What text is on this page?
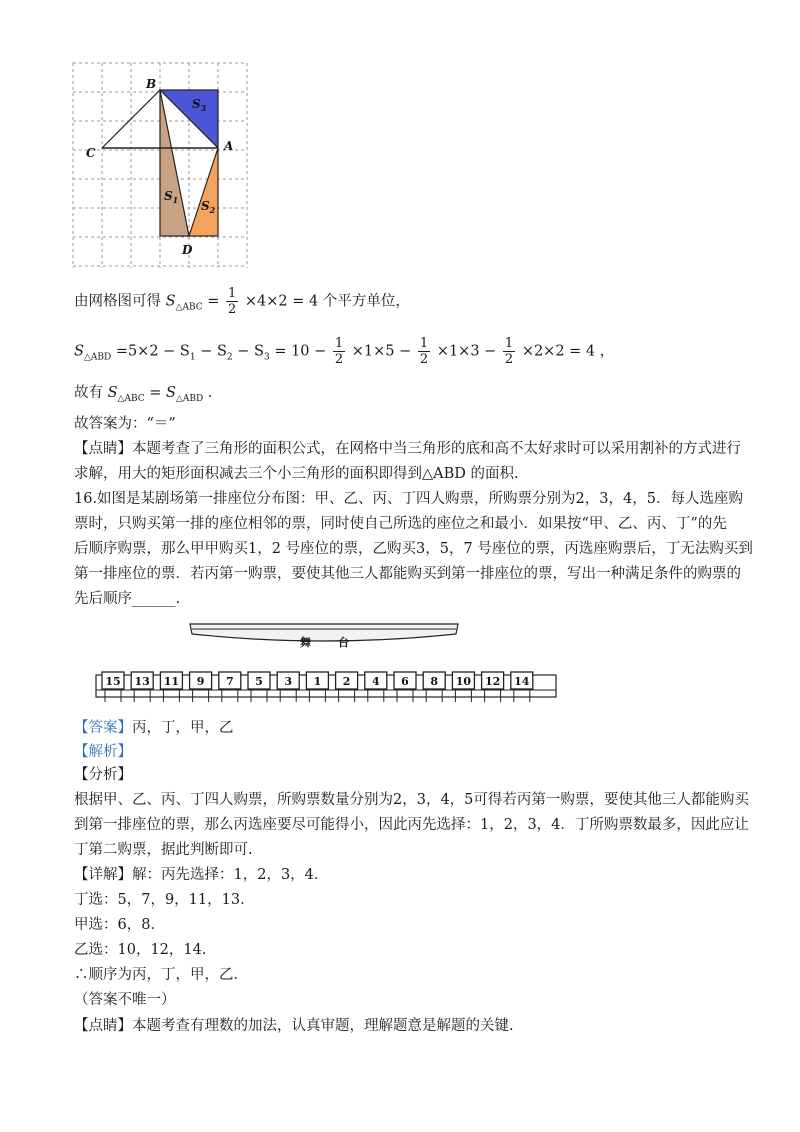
B
A
C
D
$S_3$
$S_1$ $S_2$
由网格图可得 $S_{\triangle ABC} = \frac{1}{2} \times 4\times 2 = 4$ 个平方单位，
$S_{\triangle ABD} =5\times 2 - S_1 - S_2 - S_3 = 10 - \frac{1}{2} \times 1\times 5 - \frac{1}{2} \times 1\times 3 - \frac{1}{2} \times 2\times 2 = 4$ ，
故有 $S_{\triangle ABC} = S_{\triangle ABD}$ ．
故答案为：“＝”
【点睛】本题考查了三角形的面积公式，在网格中当三角形的底和高不太好求时可以采用割补的方式进行
求解，用大的矩形面积减去三个小三角形的面积即得到△ABD 的面积.
16.如图是某剧场第一排座位分布图：甲、乙、丙、丁四人购票，所购票分别为2，3，4，5．每人选座购
票时，只购买第一排的座位相邻的票，同时使自己所选的座位之和最小．如果按“甲、乙、丙、丁”的先
后顺序购票，那么甲甲购买1，2 号座位的票，乙购买3，5，7 号座位的票，丙选座购票后，丁无法购买到
第一排座位的票．若丙第一购票，要使其他三人都能购买到第一排座位的票，写出一种满足条件的购票的
先后顺序______.
舞 台
15 13 11 9 7 5 3 1 2 4 6 8 10 12 14
【答案】丙，丁，甲，乙
【解析】
【分析】
根据甲、乙、丙、丁四人购票，所购票数量分别为2，3，4，5可得若丙第一购票，要使其他三人都能购买
到第一排座位的票，那么丙选座要尽可能得小，因此丙先选择：1，2，3，4．丁所购票数最多，因此应让
丁第二购票，据此判断即可.
【详解】解：丙先选择：1，2，3，4．
丁选：5，7，9，11，13．
甲选：6，8．
乙选：10，12，14．
∴顺序为丙，丁，甲，乙．
（答案不唯一）
【点睛】本题考查有理数的加法，认真审题，理解题意是解题的关键.
